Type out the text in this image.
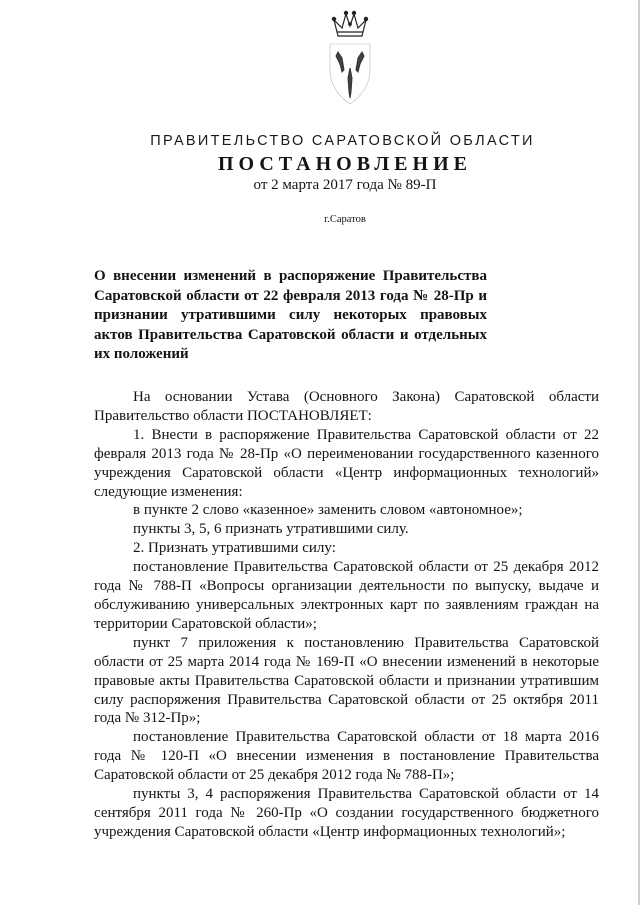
ПРАВИТЕЛЬСТВО САРАТОВСКОЙ ОБЛАСТИ
ПОСТАНОВЛЕНИЕ
от 2 марта 2017 года № 89-П
г.Саратов
О внесении изменений в распоряжение Правительства Саратовской области от 22 февраля 2013 года № 28-Пр и признании утратившими силу некоторых правовых актов Правительства Саратовской области и отдельных их положений

На основании Устава (Основного Закона) Саратовской области Правительство области ПОСТАНОВЛЯЕТ:

1. Внести в распоряжение Правительства Саратовской области от 22 февраля 2013 года № 28-Пр «О переименовании государственного казенного учреждения Саратовской области «Центр информационных технологий» следующие изменения:

в пункте 2 слово «казенное» заменить словом «автономное»;

пункты 3, 5, 6 признать утратившими силу.

2. Признать утратившими силу:

постановление Правительства Саратовской области от 25 декабря 2012 года № 788-П «Вопросы организации деятельности по выпуску, выдаче и обслуживанию универсальных электронных карт по заявлениям граждан на территории Саратовской области»;

пункт 7 приложения к постановлению Правительства Саратовской области от 25 марта 2014 года № 169-П «О внесении изменений в некоторые правовые акты Правительства Саратовской области и признании утратившим силу распоряжения Правительства Саратовской области от 25 октября 2011 года № 312-Пр»;

постановление Правительства Саратовской области от 18 марта 2016 года № 120-П «О внесении изменения в постановление Правительства Саратовской области от 25 декабря 2012 года № 788-П»;

пункты 3, 4 распоряжения Правительства Саратовской области от 14 сентября 2011 года № 260-Пр «О создании государственного бюджетного учреждения Саратовской области «Центр информационных технологий»;
